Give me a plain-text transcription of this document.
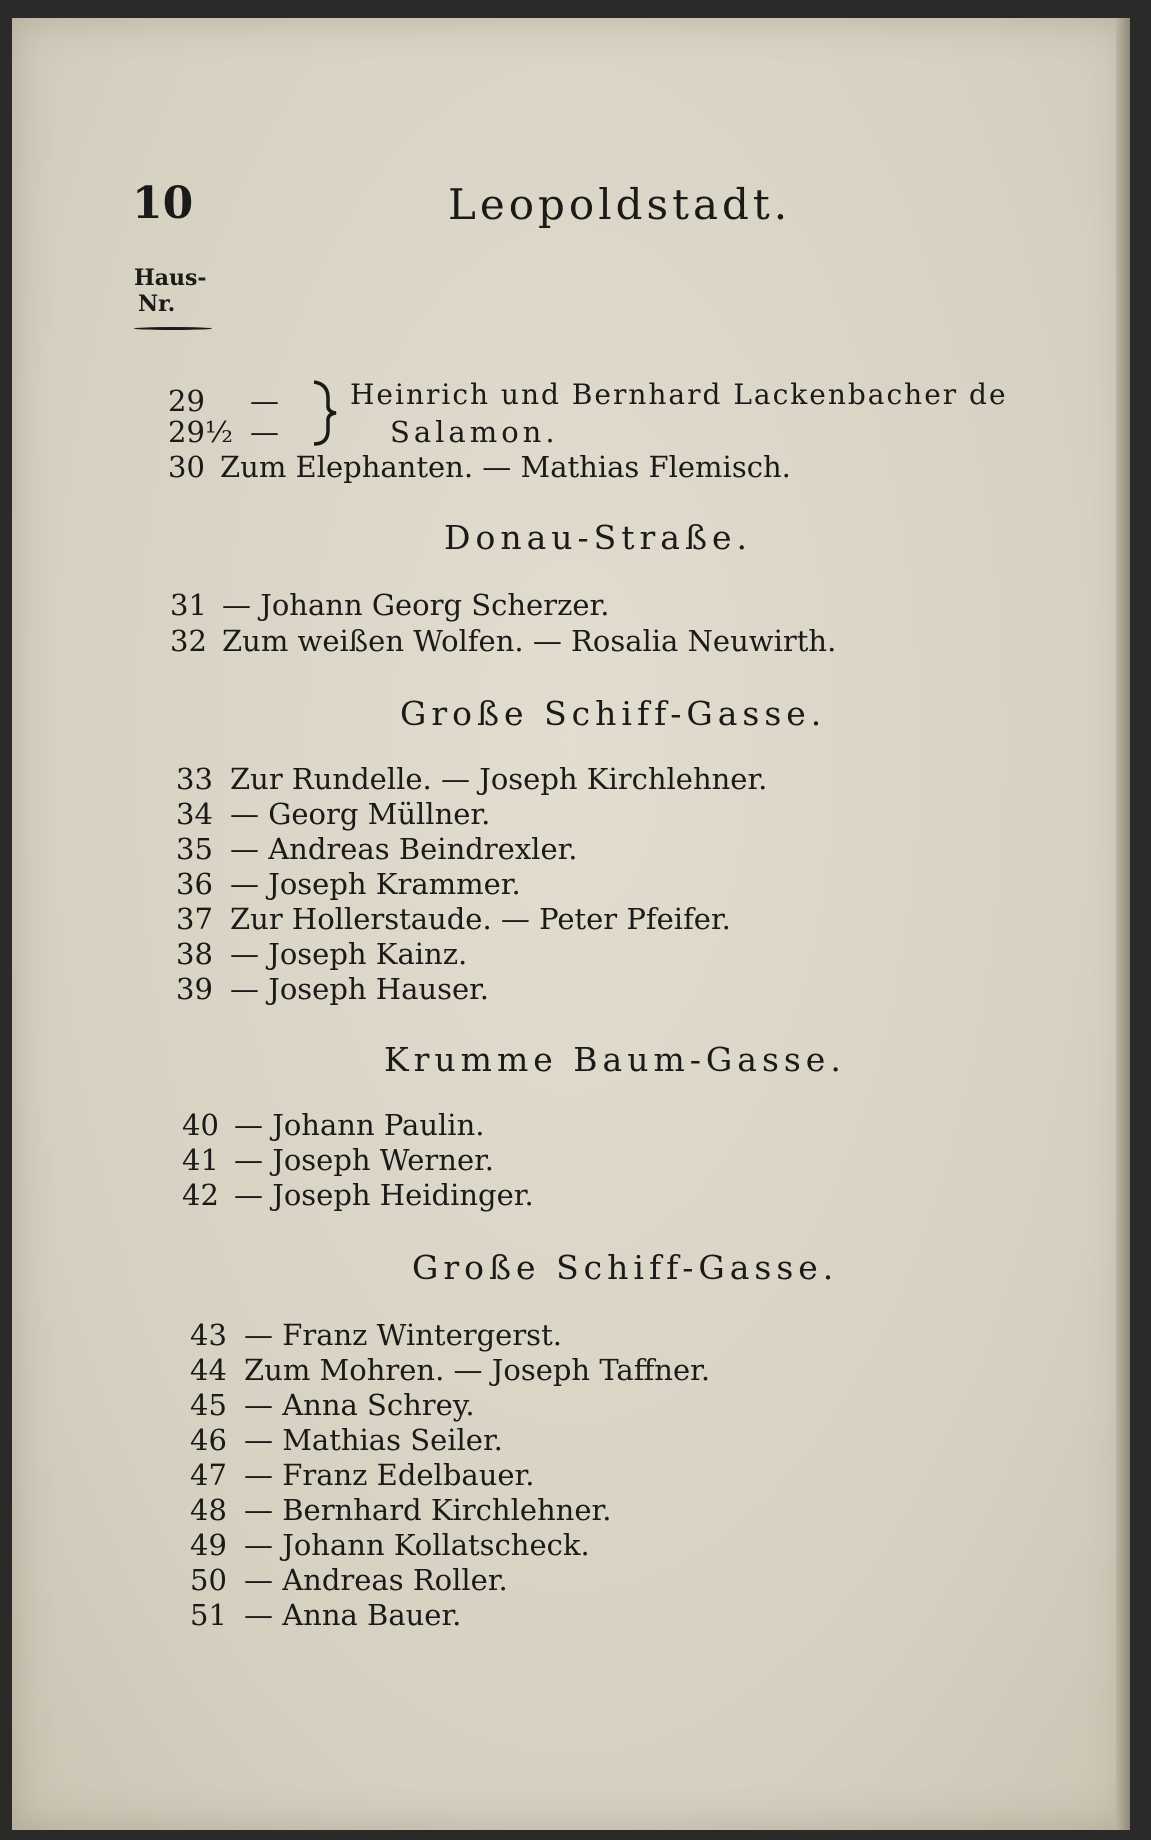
10	Leopoldstadt.
Haus-
Nr.
29 —
29½ —
Heinrich und Bernhard Lackenbacher de
Salamon.
30 Zum Elephanten. — Mathias Flemisch.
Donau-Straße.
31 — Johann Georg Scherzer.
32 Zum weißen Wolfen. — Rosalia Neuwirth.
Große Schiff-Gasse.
33 Zur Rundelle. — Joseph Kirchlehner.
34 — Georg Müllner.
35 — Andreas Beindrexler.
36 — Joseph Krammer.
37 Zur Hollerstaude. — Peter Pfeifer.
38 — Joseph Kainz.
39 — Joseph Hauser.
Krumme Baum-Gasse.
40 — Johann Paulin.
41 — Joseph Werner.
42 — Joseph Heidinger.
Große Schiff-Gasse.
43 — Franz Wintergerst.
44 Zum Mohren. — Joseph Taffner.
45 — Anna Schrey.
46 — Mathias Seiler.
47 — Franz Edelbauer.
48 — Bernhard Kirchlehner.
49 — Johann Kollatscheck.
50 — Andreas Roller.
51 — Anna Bauer.
